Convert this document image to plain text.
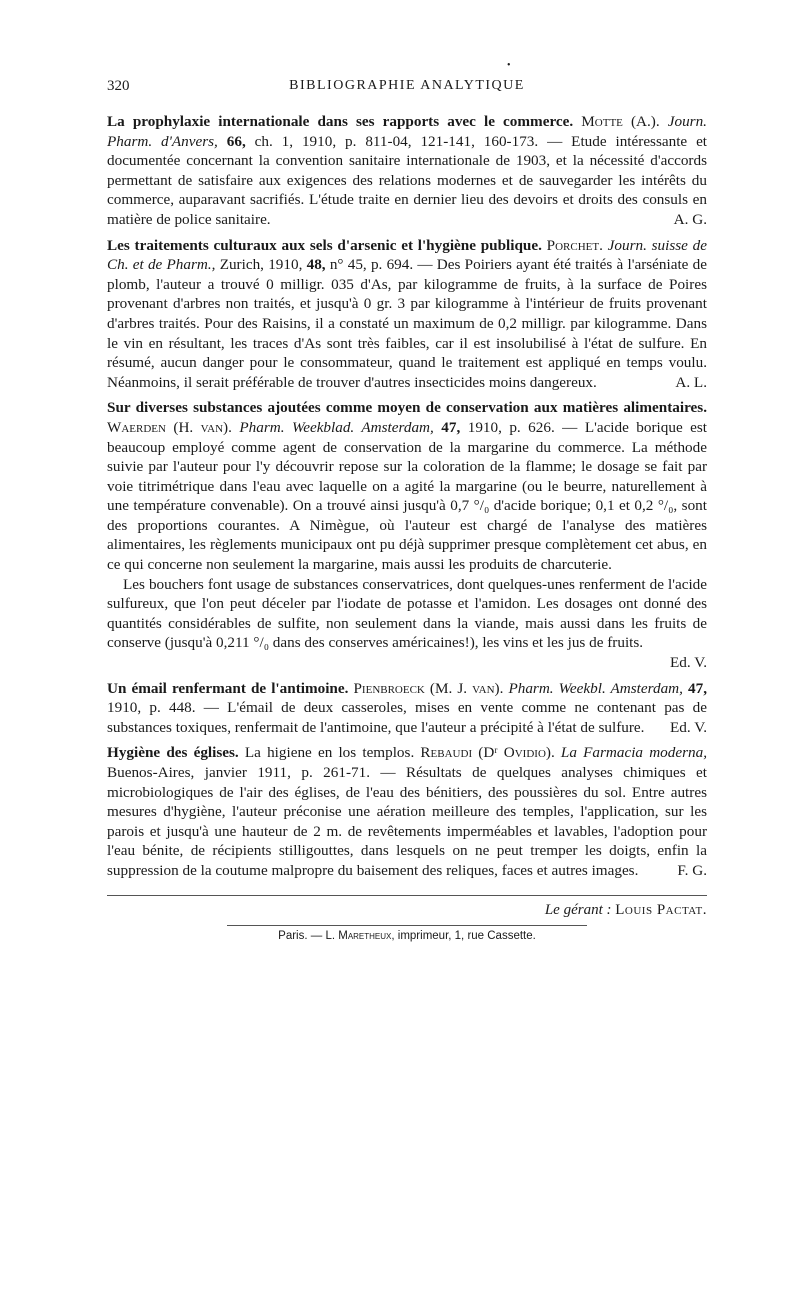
320	BIBLIOGRAPHIE ANALYTIQUE
•

La prophylaxie internationale dans ses rapports avec le commerce. Motte (A.). Journ. Pharm. d'Anvers, 66, ch. 1, 1910, p. 811-04, 121-141, 160-173. — Etude intéressante et documentée concernant la convention sanitaire internationale de 1903, et la nécessité d'accords permettant de satisfaire aux exigences des relations modernes et de sauvegarder les intérêts du commerce, auparavant sacrifiés. L'étude traite en dernier lieu des devoirs et droits des consuls en matière de police sanitaire.	A. G.

Les traitements culturaux aux sels d'arsenic et l'hygiène publique. Porchet. Journ. suisse de Ch. et de Pharm., Zurich, 1910, 48, n° 45, p. 694. — Des Poiriers ayant été traités à l'arséniate de plomb, l'auteur a trouvé 0 milligr. 035 d'As, par kilogramme de fruits, à la surface de Poires provenant d'arbres non traités, et jusqu'à 0 gr. 3 par kilogramme à l'intérieur de fruits provenant d'arbres traités. Pour des Raisins, il a constaté un maximum de 0,2 milligr. par kilogramme. Dans le vin en résultant, les traces d'As sont très faibles, car il est insolubilisé à l'état de sulfure. En résumé, aucun danger pour le consommateur, quand le traitement est appliqué en temps voulu. Néanmoins, il serait préférable de trouver d'autres insecticides moins dangereux.	A. L.

Sur diverses substances ajoutées comme moyen de conservation aux matières alimentaires. Waerden (H. van). Pharm. Weekblad. Amsterdam, 47, 1910, p. 626. — L'acide borique est beaucoup employé comme agent de conservation de la margarine du commerce. La méthode suivie par l'auteur pour l'y découvrir repose sur la coloration de la flamme; le dosage se fait par voie titrimétrique dans l'eau avec laquelle on a agité la margarine (ou le beurre, naturellement à une température convenable). On a trouvé ainsi jusqu'à 0,7 °/₀ d'acide borique; 0,1 et 0,2 °/₀, sont des proportions courantes. A Nimègue, où l'auteur est chargé de l'analyse des matières alimentaires, les règlements municipaux ont pu déjà supprimer presque complètement cet abus, en ce qui concerne non seulement la margarine, mais aussi les produits de charcuterie.

Les bouchers font usage de substances conservatrices, dont quelques-unes renferment de l'acide sulfureux, que l'on peut déceler par l'iodate de potasse et l'amidon. Les dosages ont donné des quantités considérables de sulfite, non seulement dans la viande, mais aussi dans les fruits de conserve (jusqu'à 0,211 °/₀ dans des conserves américaines!), les vins et les jus de fruits.
Ed. V.

Un émail renfermant de l'antimoine. Pienbroeck (M. J. van). Pharm. Weekbl. Amsterdam, 47, 1910, p. 448. — L'émail de deux casseroles, mises en vente comme ne contenant pas de substances toxiques, renfermait de l'antimoine, que l'auteur a précipité à l'état de sulfure. Ed. V.

Hygiène des églises. La higiene en los templos. Rebaudi (Dʳ Ovidio). La Farmacia moderna, Buenos-Aires, janvier 1911, p. 261-71. — Résultats de quelques analyses chimiques et microbiologiques de l'air des églises, de l'eau des bénitiers, des poussières du sol. Entre autres mesures d'hygiène, l'auteur préconise une aération meilleure des temples, l'application, sur les parois et jusqu'à une hauteur de 2 m. de revêtements imperméables et lavables, l'adoption pour l'eau bénite, de récipients stilligouttes, dans lesquels on ne peut tremper les doigts, enfin la suppression de la coutume malpropre du baisement des reliques, faces et autres images.	F. G.

Le gérant : Louis Pactat.
Paris. — L. Maretheux, imprimeur, 1, rue Cassette.
